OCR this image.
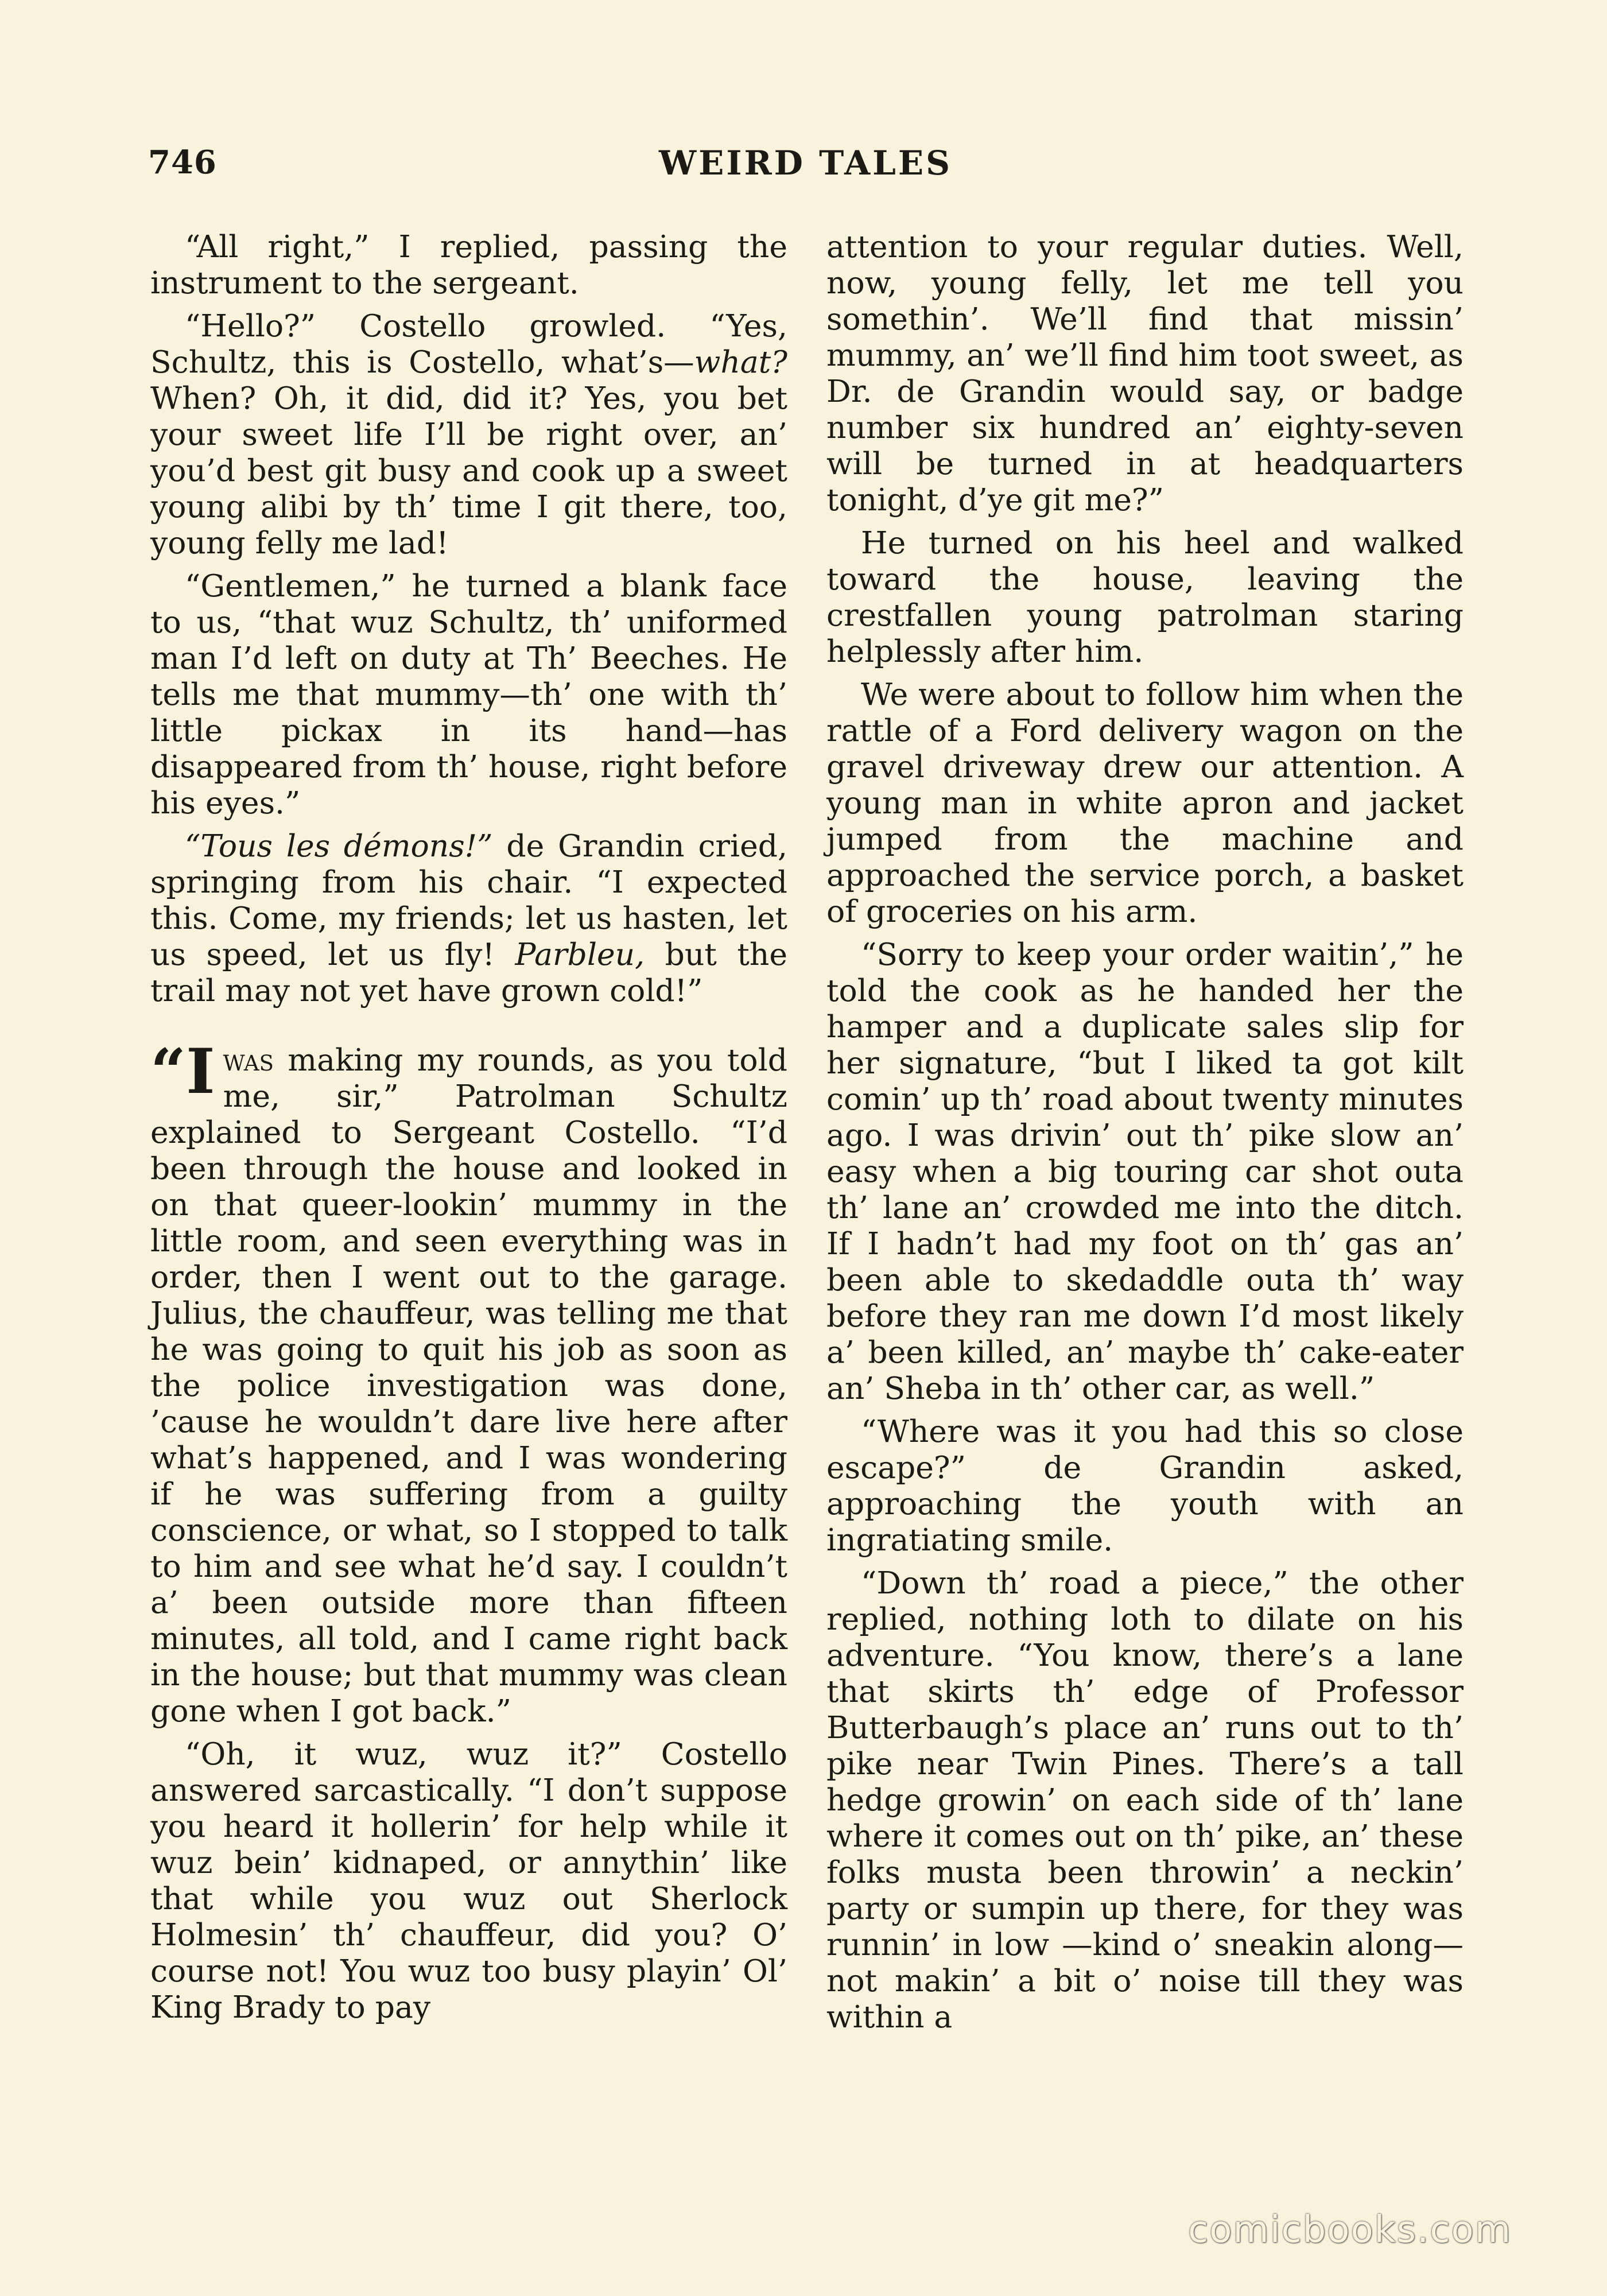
746	WEIRD TALES

“All right,” I replied, passing the instrument to the sergeant.

“Hello?” Costello growled. “Yes, Schultz, this is Costello, what’s—what? When? Oh, it did, did it? Yes, you bet your sweet life I’ll be right over, an’ you’d best git busy and cook up a sweet young alibi by th’ time I git there, too, young felly me lad!

“Gentlemen,” he turned a blank face to us, “that wuz Schultz, th’ uniformed man I’d left on duty at Th’ Beeches. He tells me that mummy—th’ one with th’ little pickax in its hand—has disappeared from th’ house, right before his eyes.”

“Tous les démons!” de Grandin cried, springing from his chair. “I expected this. Come, my friends; let us hasten, let us speed, let us fly! Parbleu, but the trail may not yet have grown cold!”

“I was making my rounds, as you told me, sir,” Patrolman Schultz explained to Sergeant Costello. “I’d been through the house and looked in on that queer-lookin’ mummy in the little room, and seen everything was in order, then I went out to the garage. Julius, the chauffeur, was telling me that he was going to quit his job as soon as the police investigation was done, ’cause he wouldn’t dare live here after what’s happened, and I was wondering if he was suffering from a guilty conscience, or what, so I stopped to talk to him and see what he’d say. I couldn’t a’ been outside more than fifteen minutes, all told, and I came right back in the house; but that mummy was clean gone when I got back.”

“Oh, it wuz, wuz it?” Costello answered sarcastically. “I don’t suppose you heard it hollerin’ for help while it wuz bein’ kidnaped, or annythin’ like that while you wuz out Sherlock Holmesin’ th’ chauffeur, did you? O’ course not! You wuz too busy playin’ Ol’ King Brady to pay

attention to your regular duties. Well, now, young felly, let me tell you somethin’. We’ll find that missin’ mummy, an’ we’ll find him toot sweet, as Dr. de Grandin would say, or badge number six hundred an’ eighty-seven will be turned in at headquarters tonight, d’ye git me?”

He turned on his heel and walked toward the house, leaving the crestfallen young patrolman staring helplessly after him.

We were about to follow him when the rattle of a Ford delivery wagon on the gravel driveway drew our attention. A young man in white apron and jacket jumped from the machine and approached the service porch, a basket of groceries on his arm.

“Sorry to keep your order waitin’,” he told the cook as he handed her the hamper and a duplicate sales slip for her signature, “but I liked ta got kilt comin’ up th’ road about twenty minutes ago. I was drivin’ out th’ pike slow an’ easy when a big touring car shot outa th’ lane an’ crowded me into the ditch. If I hadn’t had my foot on th’ gas an’ been able to skedaddle outa th’ way before they ran me down I’d most likely a’ been killed, an’ maybe th’ cake-eater an’ Sheba in th’ other car, as well.”

“Where was it you had this so close escape?” de Grandin asked, approaching the youth with an ingratiating smile.

“Down th’ road a piece,” the other replied, nothing loth to dilate on his adventure. “You know, there’s a lane that skirts th’ edge of Professor Butterbaugh’s place an’ runs out to th’ pike near Twin Pines. There’s a tall hedge growin’ on each side of th’ lane where it comes out on th’ pike, an’ these folks musta been throwin’ a neckin’ party or sumpin up there, for they was runnin’ in low —kind o’ sneakin along—not makin’ a bit o’ noise till they was within a

comicbooks.com
